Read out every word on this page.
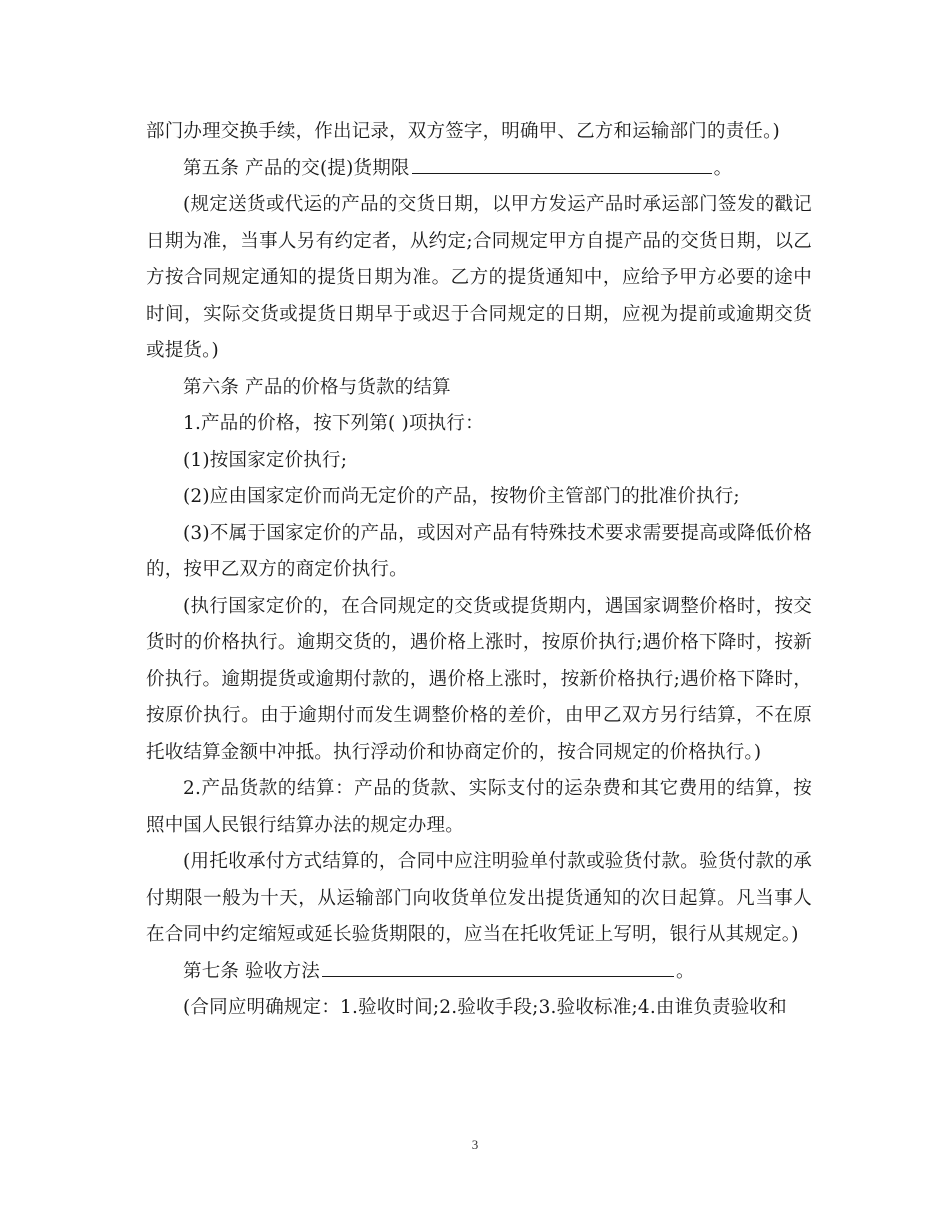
部门办理交换手续，作出记录，双方签字，明确甲、乙方和运输部门的责任。)

第五条 产品的交(提)货期限	。

(规定送货或代运的产品的交货日期，以甲方发运产品时承运部门签发的戳记日期为准，当事人另有约定者，从约定;合同规定甲方自提产品的交货日期，以乙方按合同规定通知的提货日期为准。乙方的提货通知中，应给予甲方必要的途中时间，实际交货或提货日期早于或迟于合同规定的日期，应视为提前或逾期交货或提货。)

第六条 产品的价格与货款的结算

1.产品的价格，按下列第( )项执行：

(1)按国家定价执行;

(2)应由国家定价而尚无定价的产品，按物价主管部门的批准价执行;

(3)不属于国家定价的产品，或因对产品有特殊技术要求需要提高或降低价格的，按甲乙双方的商定价执行。

(执行国家定价的，在合同规定的交货或提货期内，遇国家调整价格时，按交货时的价格执行。逾期交货的，遇价格上涨时，按原价执行;遇价格下降时，按新价执行。逾期提货或逾期付款的，遇价格上涨时，按新价格执行;遇价格下降时，按原价执行。由于逾期付而发生调整价格的差价，由甲乙双方另行结算，不在原托收结算金额中冲抵。执行浮动价和协商定价的，按合同规定的价格执行。)

2.产品货款的结算：产品的货款、实际支付的运杂费和其它费用的结算，按照中国人民银行结算办法的规定办理。

(用托收承付方式结算的，合同中应注明验单付款或验货付款。验货付款的承付期限一般为十天，从运输部门向收货单位发出提货通知的次日起算。凡当事人在合同中约定缩短或延长验货期限的，应当在托收凭证上写明，银行从其规定。)

第七条 验收方法	。

(合同应明确规定：1.验收时间;2.验收手段;3.验收标准;4.由谁负责验收和

3
